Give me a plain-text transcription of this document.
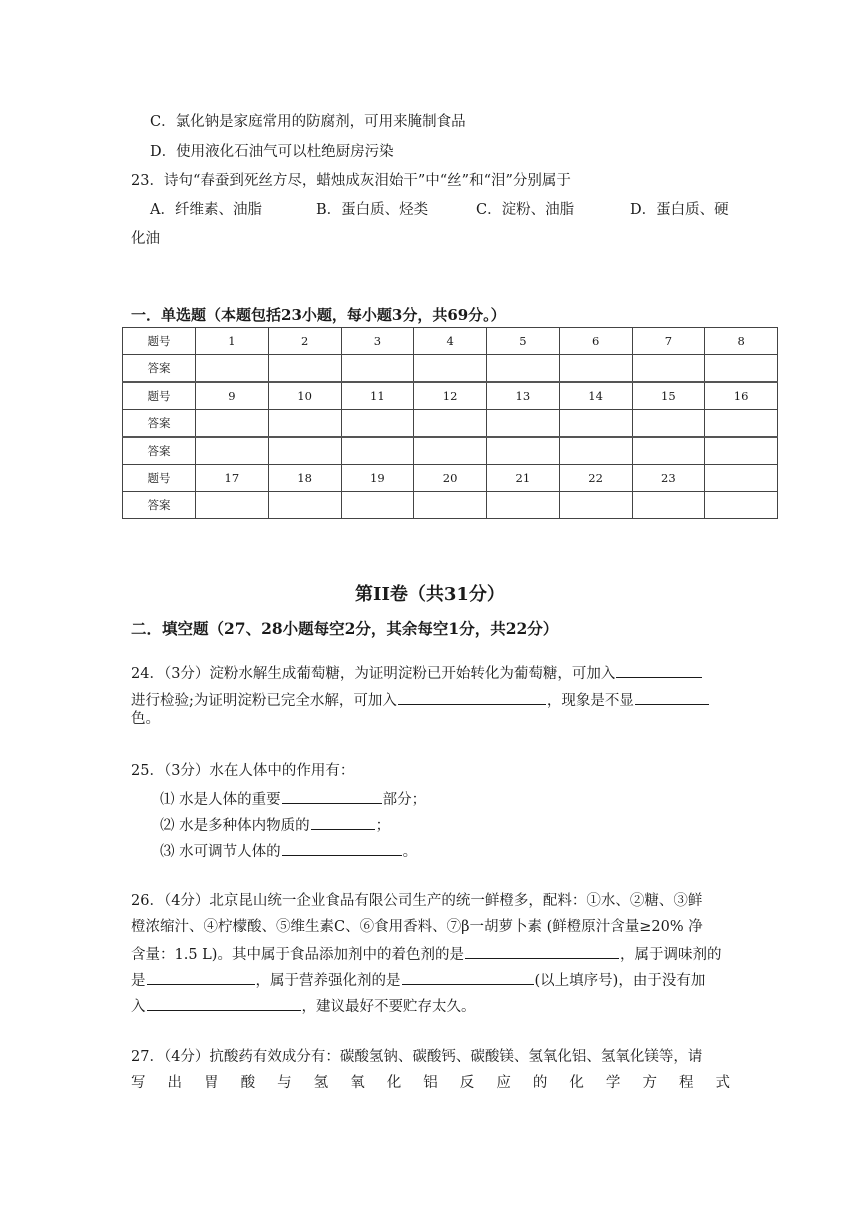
C．氯化钠是家庭常用的防腐剂，可用来腌制食品
D．使用液化石油气可以杜绝厨房污染
23．诗句“春蚕到死丝方尽，蜡烛成灰泪始干”中“丝”和“泪”分别属于
A．纤维素、油脂	B．蛋白质、烃类	C．淀粉、油脂	D．蛋白质、硬
化油
一．单选题（本题包括23小题，每小题3分，共69分。）
题号	1	2	3	4	5	6	7	8
答案								
题号	9	10	11	12	13	14	15	16
答案								
答案								
题号	17	18	19	20	21	22	23	
答案								
第II卷（共31分）
二．填空题（27、28小题每空2分，其余每空1分，共22分）
24．（3分）淀粉水解生成葡萄糖，为证明淀粉已开始转化为葡萄糖，可加入
进行检验;为证明淀粉已完全水解，可加入	，现象是不显
色。
25．（3分）水在人体中的作用有：
⑴ 水是人体的重要	部分；
⑵ 水是多种体内物质的	；
⑶ 水可调节人体的	。
26．（4分）北京昆山统一企业食品有限公司生产的统一鲜橙多，配料：①水、②糖、③鲜
橙浓缩汁、④柠檬酸、⑤维生素C、⑥食用香料、⑦β一胡萝卜素 (鲜橙原汁含量≥20% 净
含量：1.5 L)。其中属于食品添加剂中的着色剂的是	，属于调味剂的
是	，属于营养强化剂的是	(以上填序号)，由于没有加
入	，建议最好不要贮存太久。
27．（4分）抗酸药有效成分有：碳酸氢钠、碳酸钙、碳酸镁、氢氧化铝、氢氧化镁等，请
写 出 胃 酸 与 氢 氧 化 铝 反 应 的 化 学 方 程 式
